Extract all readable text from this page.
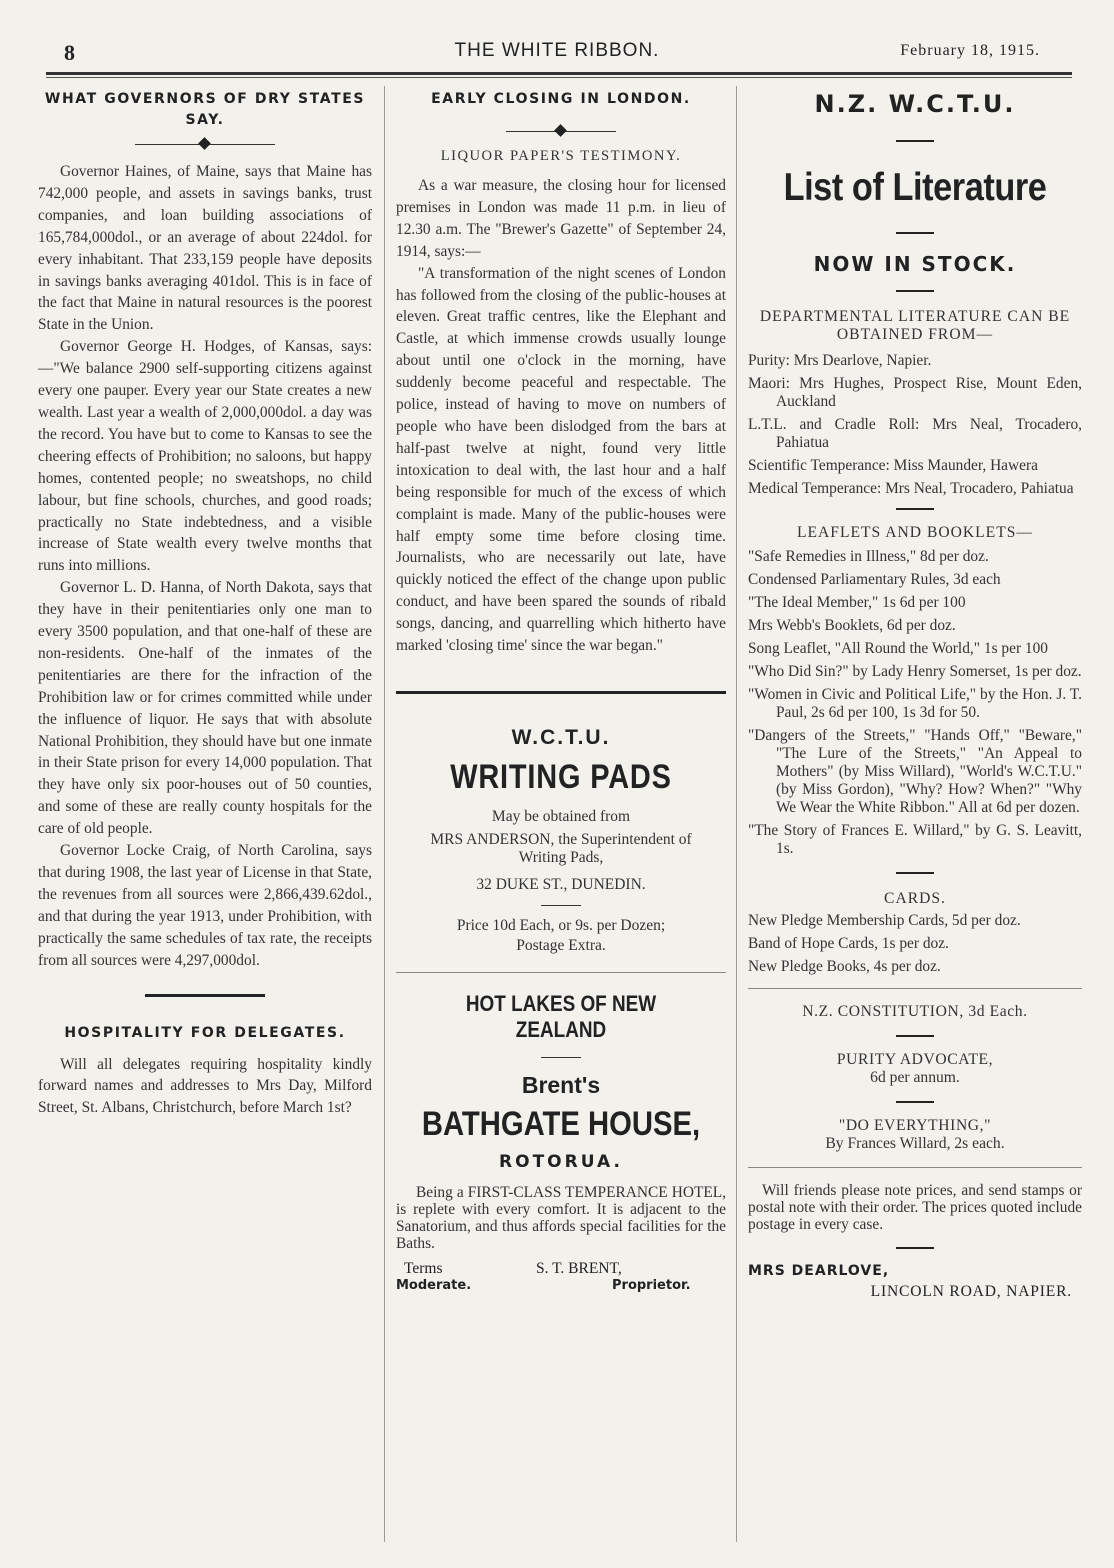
8	THE WHITE RIBBON.	February 18, 1915.
WHAT GOVERNORS OF DRY STATES SAY.

Governor Haines, of Maine, says that Maine has 742,000 people, and assets in savings banks, trust companies, and loan building associations of 165,784,000dol., or an average of about 224dol. for every inhabitant. That 233,159 people have deposits in savings banks averaging 401dol. This is in face of the fact that Maine in natural resources is the poorest State in the Union.

Governor George H. Hodges, of Kansas, says:—"We balance 2900 self-supporting citizens against every one pauper. Every year our State creates a new wealth. Last year a wealth of 2,000,000dol. a day was the record. You have but to come to Kansas to see the cheering effects of Prohibition; no saloons, but happy homes, contented people; no sweatshops, no child labour, but fine schools, churches, and good roads; practically no State indebtedness, and a visible increase of State wealth every twelve months that runs into millions.

Governor L. D. Hanna, of North Dakota, says that they have in their penitentiaries only one man to every 3500 population, and that one-half of these are non-residents. One-half of the inmates of the penitentiaries are there for the infraction of the Prohibition law or for crimes committed while under the influence of liquor. He says that with absolute National Prohibition, they should have but one inmate in their State prison for every 14,000 population. That they have only six poor-houses out of 50 counties, and some of these are really county hospitals for the care of old people.

Governor Locke Craig, of North Carolina, says that during 1908, the last year of License in that State, the revenues from all sources were 2,866,439.62dol., and that during the year 1913, under Prohibition, with practically the same schedules of tax rate, the receipts from all sources were 4,297,000dol.

HOSPITALITY FOR DELEGATES.

Will all delegates requiring hospitality kindly forward names and addresses to Mrs Day, Milford Street, St. Albans, Christchurch, before March 1st?

EARLY CLOSING IN LONDON.
LIQUOR PAPER'S TESTIMONY.

As a war measure, the closing hour for licensed premises in London was made 11 p.m. in lieu of 12.30 a.m. The "Brewer's Gazette" of September 24, 1914, says:—

"A transformation of the night scenes of London has followed from the closing of the public-houses at eleven. Great traffic centres, like the Elephant and Castle, at which immense crowds usually lounge about until one o'clock in the morning, have suddenly become peaceful and respectable. The police, instead of having to move on numbers of people who have been dislodged from the bars at half-past twelve at night, found very little intoxication to deal with, the last hour and a half being responsible for much of the excess of which complaint is made. Many of the public-houses were half empty some time before closing time. Journalists, who are necessarily out late, have quickly noticed the effect of the change upon public conduct, and have been spared the sounds of ribald songs, dancing, and quarrelling which hitherto have marked 'closing time' since the war began."

W.C.T.U.
WRITING PADS
May be obtained from
MRS ANDERSON, the Superintendent of Writing Pads,
32 DUKE ST., DUNEDIN.
Price 10d Each, or 9s. per Dozen;
Postage Extra.
HOT LAKES OF NEW ZEALAND
Brent's
BATHGATE HOUSE,
ROTORUA.

Being a FIRST-CLASS TEMPERANCE HOTEL, is replete with every comfort. It is adjacent to the Sanatorium, and thus affords special facilities for the Baths.

Terms
Moderate.
S. T. BRENT,
Proprietor.
N.Z. W.C.T.U.
List of Literature
NOW IN STOCK.
DEPARTMENTAL LITERATURE CAN BE OBTAINED FROM—

Purity: Mrs Dearlove, Napier.

Maori: Mrs Hughes, Prospect Rise, Mount Eden, Auckland

L.T.L. and Cradle Roll: Mrs Neal, Trocadero, Pahiatua

Scientific Temperance: Miss Maunder, Hawera

Medical Temperance: Mrs Neal, Trocadero, Pahiatua

LEAFLETS AND BOOKLETS—

"Safe Remedies in Illness," 8d per doz.

Condensed Parliamentary Rules, 3d each

"The Ideal Member," 1s 6d per 100

Mrs Webb's Booklets, 6d per doz.

Song Leaflet, "All Round the World," 1s per 100

"Who Did Sin?" by Lady Henry Somerset, 1s per doz.

"Women in Civic and Political Life," by the Hon. J. T. Paul, 2s 6d per 100, 1s 3d for 50.

"Dangers of the Streets," "Hands Off," "Beware," "The Lure of the Streets," "An Appeal to Mothers" (by Miss Willard), "World's W.C.T.U." (by Miss Gordon), "Why? How? When?" "Why We Wear the White Ribbon." All at 6d per dozen.

"The Story of Frances E. Willard," by G. S. Leavitt, 1s.

CARDS.

New Pledge Membership Cards, 5d per doz.

Band of Hope Cards, 1s per doz.

New Pledge Books, 4s per doz.

N.Z. CONSTITUTION, 3d Each.
PURITY ADVOCATE,
6d per annum.
"DO EVERYTHING,"
By Frances Willard, 2s each.

Will friends please note prices, and send stamps or postal note with their order. The prices quoted include postage in every case.

MRS DEARLOVE,
LINCOLN ROAD, NAPIER.
